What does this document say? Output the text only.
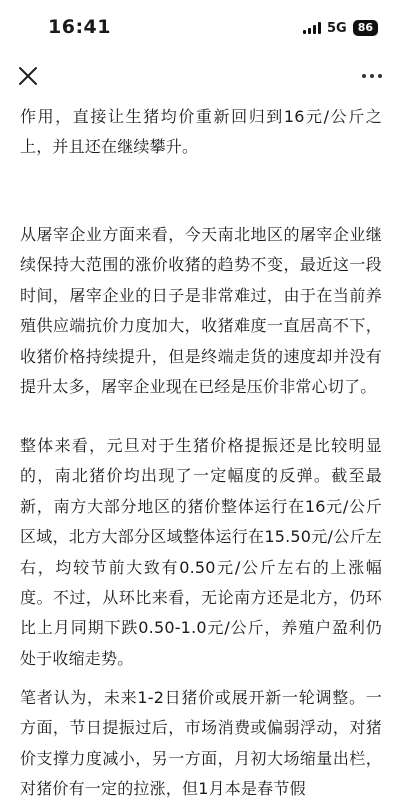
16:41	5G	86

作用，直接让生猪均价重新回归到16元/公斤之上，并且还在继续攀升。

从屠宰企业方面来看，今天南北地区的屠宰企业继续保持大范围的涨价收猪的趋势不变，最近这一段时间，屠宰企业的日子是非常难过，由于在当前养殖供应端抗价力度加大，收猪难度一直居高不下，收猪价格持续提升，但是终端走货的速度却并没有提升太多，屠宰企业现在已经是压价非常心切了。

整体来看，元旦对于生猪价格提振还是比较明显的，南北猪价均出现了一定幅度的反弹。截至最新，南方大部分地区的猪价整体运行在16元/公斤区域，北方大部分区域整体运行在15.50元/公斤左右，均较节前大致有0.50元/公斤左右的上涨幅度。不过，从环比来看，无论南方还是北方，仍环比上月同期下跌0.50-1.0元/公斤，养殖户盈利仍处于收缩走势。

笔者认为，未来1-2日猪价或展开新一轮调整。一方面，节日提振过后，市场消费或偏弱浮动，对猪价支撑力度减小，另一方面，月初大场缩量出栏，对猪价有一定的拉涨，但1月本是春节假
